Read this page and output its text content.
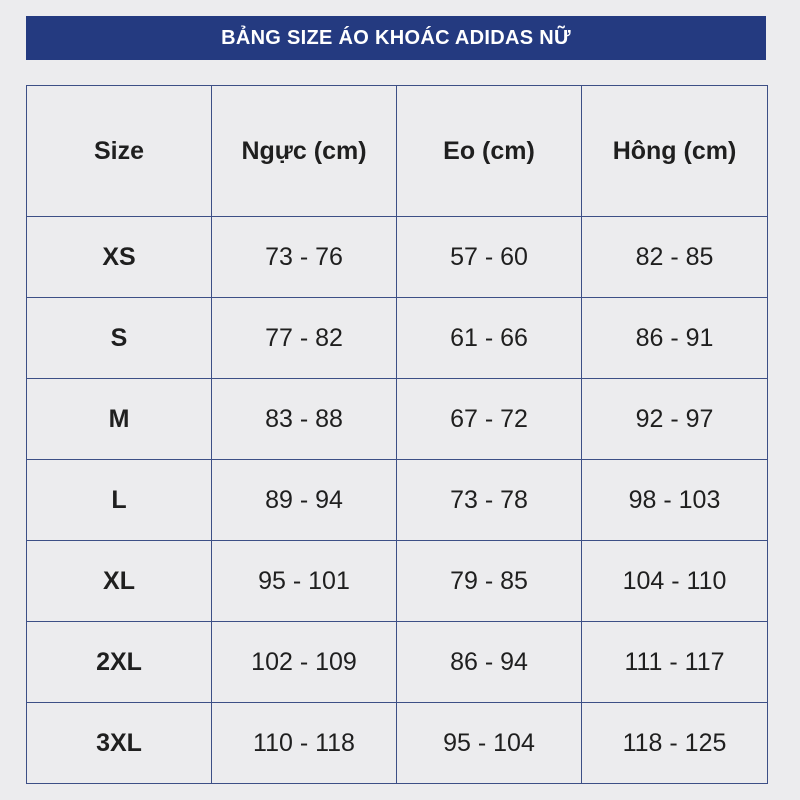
BẢNG SIZE ÁO KHOÁC ADIDAS NỮ
Size	Ngực (cm)	Eo (cm)	Hông (cm)
XS	73 - 76	57 - 60	82 - 85
S	77 - 82	61 - 66	86 - 91
M	83 - 88	67 - 72	92 - 97
L	89 - 94	73 - 78	98 - 103
XL	95 - 101	79 - 85	104 - 110
2XL	102 - 109	86 - 94	111 - 117
3XL	110 - 118	95 - 104	118 - 125
